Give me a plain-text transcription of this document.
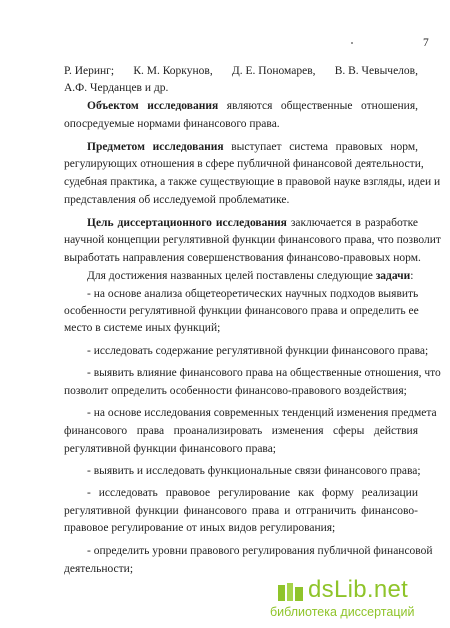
7
Р. Иеринг; К. М. Коркунов, Д. Е. Пономарев, В. В. Чевычелов,
А.Ф. Черданцев и др.
Объектом исследования являются общественные отношения,
опосредуемые нормами финансового права.
Предметом исследования выступает система правовых норм,
регулирующих отношения в сфере публичной финансовой деятельности,
судебная практика, а также существующие в правовой науке взгляды, идеи и
представления об исследуемой проблематике.
Цель диссертационного исследования заключается в разработке
научной концепции регулятивной функции финансового права, что позволит
выработать направления совершенствования финансово-правовых норм.
Для достижения названных целей поставлены следующие задачи:
- на основе анализа общетеоретических научных подходов выявить
особенности регулятивной функции финансового права и определить ее
место в системе иных функций;
- исследовать содержание регулятивной функции финансового права;
- выявить влияние финансового права на общественные отношения, что
позволит определить особенности финансово-правового воздействия;
- на основе исследования современных тенденций изменения предмета
финансового права проанализировать изменения сферы действия
регулятивной функции финансового права;
- выявить и исследовать функциональные связи финансового права;
- исследовать правовое регулирование как форму реализации
регулятивной функции финансового права и отграничить финансово-
правовое регулирование от иных видов регулирования;
- определить уровни правового регулирования публичной финансовой
деятельности;
dsLib.net
библиотека диссертаций
